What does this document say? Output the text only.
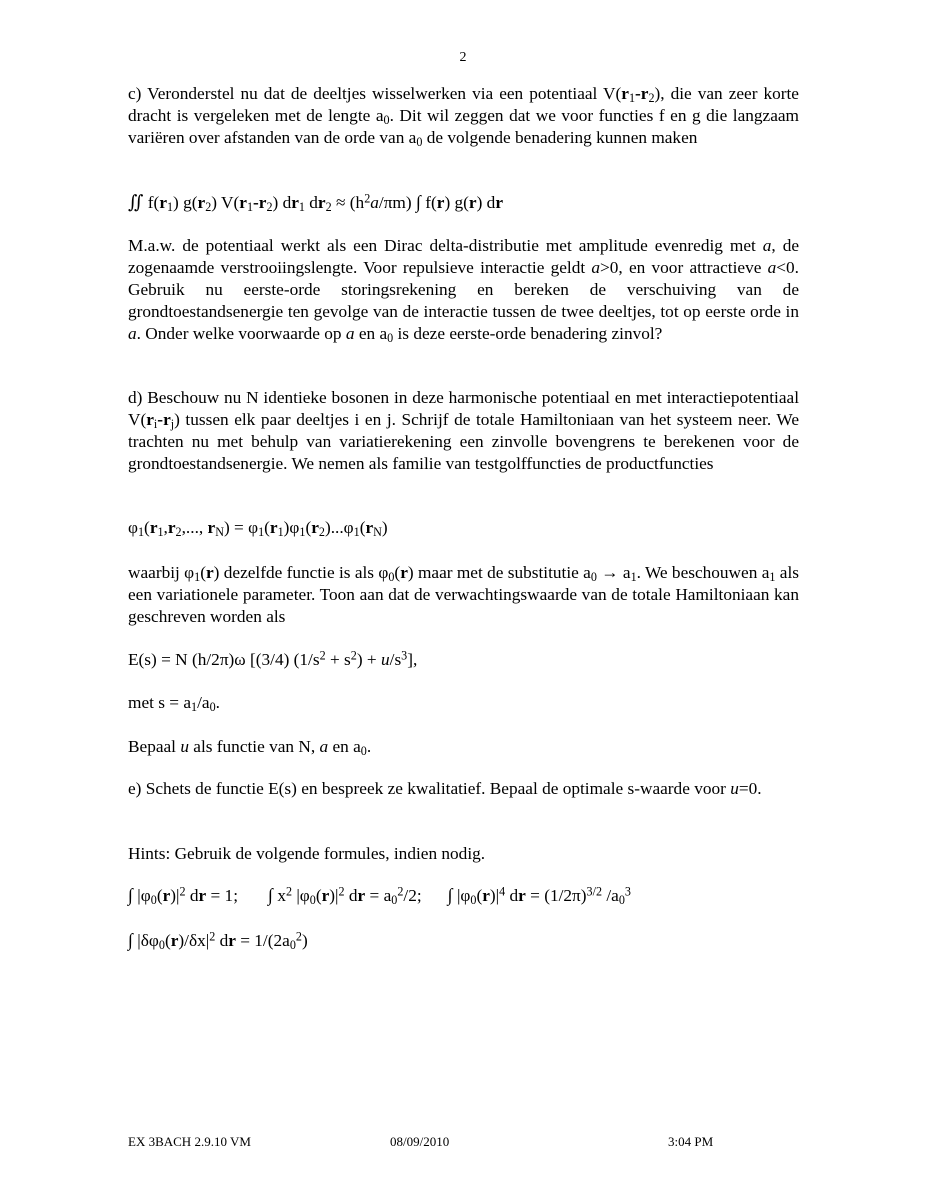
2
c) Veronderstel nu dat de deeltjes wisselwerken via een potentiaal $V(r_1-r_2)$, die van zeer korte dracht is vergeleken met de lengte $a_0$. Dit wil zeggen dat we voor functies f en g die langzaam variëren over afstanden van de orde van $a_0$ de volgende benadering kunnen maken
∬ $f(r_1)$ $g(r_2)$ $V(r_1-r_2)$ $dr_1$ $dr_2 \approx (h^2a/\pi m)$ ∫ f(r) g(r) dr
M.a.w. de potentiaal werkt als een Dirac delta-distributie met amplitude evenredig met a, de zogenaamde verstrooiingslengte. Voor repulsieve interactie geldt a>0, en voor attractieve a<0. Gebruik nu eerste-orde storingsrekening en bereken de verschuiving van de grondtoestandsenergie ten gevolge van de interactie tussen de twee deeltjes, tot op eerste orde in a. Onder welke voorwaarde op a en $a_0$ is deze eerste-orde benadering zinvol?
d) Beschouw nu N identieke bosonen in deze harmonische potentiaal en met interactiepotentiaal $V(r_i-r_j)$ tussen elk paar deeltjes i en j. Schrijf de totale Hamiltoniaan van het systeem neer. We trachten nu met behulp van variatierekening een zinvolle bovengrens te berekenen voor de grondtoestandsenergie. We nemen als familie van testgolffuncties de productfuncties
$\varphi_1(r_1,r_2$,..., $r_N) = \varphi_1(r_1)\varphi_1(r_2)...\varphi_1(r_N)$
waarbij $\varphi_1(r)$ dezelfde functie is als $\varphi_0(r)$ maar met de substitutie $a_0 \to a_1$. We beschouwen $a_1$ als een variationele parameter. Toon aan dat de verwachtingswaarde van de totale Hamiltoniaan kan geschreven worden als
E(s) = N (h/2π)ω [(3/4) $(1/s^2 + s^2) + u/s^3$],
met $s = a_1/a_0$.
Bepaal u als functie van N, a en $a_0$.
e) Schets de functie E(s) en bespreek ze kwalitatief. Bepaal de optimale s-waarde voor u=0.
Hints: Gebruik de volgende formules, indien nodig.
∫ $|\varphi_0(r)|^2$ dr = 1; ∫ $x^2$ $|\varphi_0(r)|^2$ dr = $a_0^2/2$; ∫ $|\varphi_0(r)|^4$ dr = $(1/2\pi)^{3/2}$ $/a_0^3$
∫ $|\delta\varphi_0(r)/\delta x|^2$ dr = $1/(2a_0^2)$
EX 3BACH 2.9.10 VM	08/09/2010	3:04 PM
